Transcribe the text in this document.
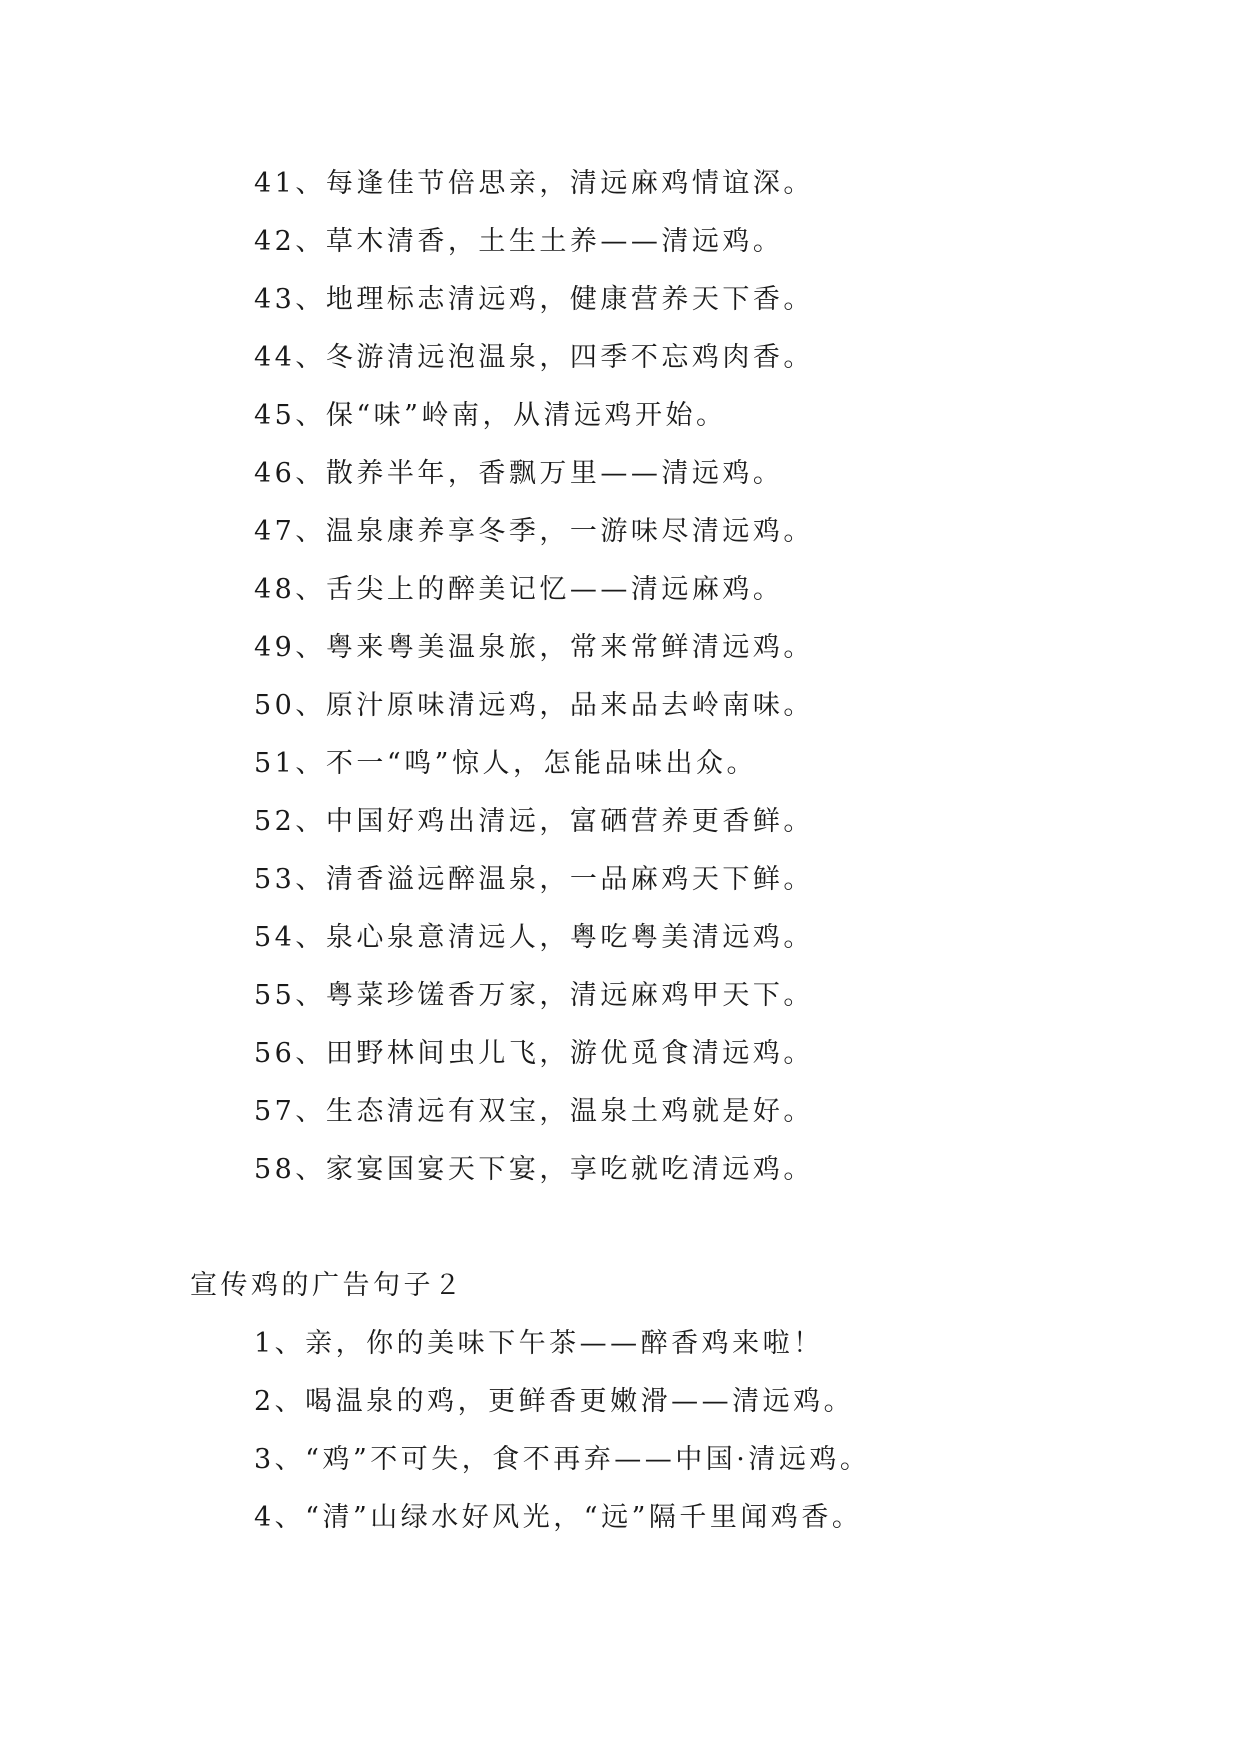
41、每逢佳节倍思亲，清远麻鸡情谊深。
42、草木清香，土生土养——清远鸡。
43、地理标志清远鸡，健康营养天下香。
44、冬游清远泡温泉，四季不忘鸡肉香。
45、保“味”岭南，从清远鸡开始。
46、散养半年，香飘万里——清远鸡。
47、温泉康养享冬季，一游味尽清远鸡。
48、舌尖上的醉美记忆——清远麻鸡。
49、粤来粤美温泉旅，常来常鲜清远鸡。
50、原汁原味清远鸡，品来品去岭南味。
51、不一“鸣”惊人，怎能品味出众。
52、中国好鸡出清远，富硒营养更香鲜。
53、清香溢远醉温泉，一品麻鸡天下鲜。
54、泉心泉意清远人，粤吃粤美清远鸡。
55、粤菜珍馐香万家，清远麻鸡甲天下。
56、田野林间虫儿飞，游优觅食清远鸡。
57、生态清远有双宝，温泉土鸡就是好。
58、家宴国宴天下宴，享吃就吃清远鸡。
宣传鸡的广告句子２
1、亲，你的美味下午茶——醉香鸡来啦！
2、喝温泉的鸡，更鲜香更嫩滑——清远鸡。
3、“鸡”不可失，食不再弃——中国·清远鸡。
4、“清”山绿水好风光，“远”隔千里闻鸡香。
